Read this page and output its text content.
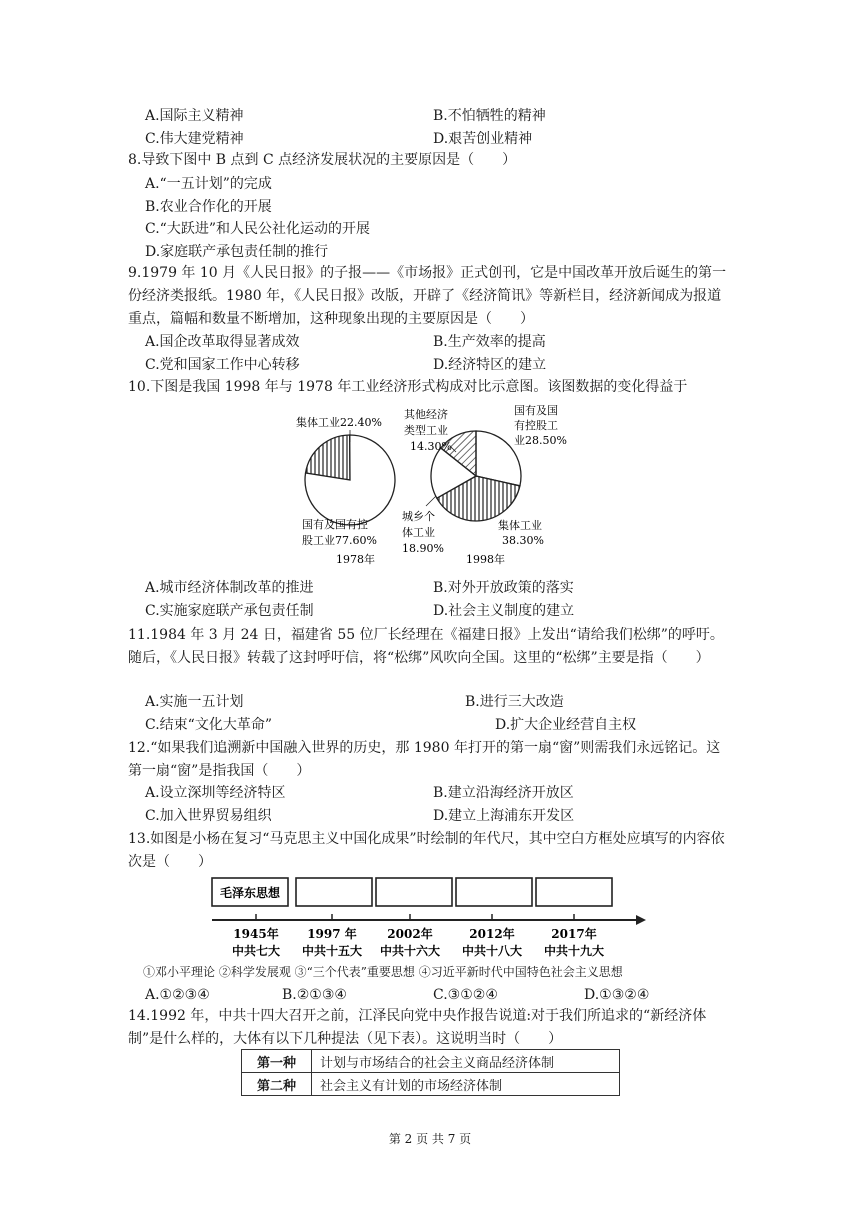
A.国际主义精神	B.不怕牺牲的精神
C.伟大建党精神	D.艰苦创业精神
8.导致下图中 B 点到 C 点经济发展状况的主要原因是（　　）
A.“一五计划”的完成
B.农业合作化的开展
C.“大跃进”和人民公社化运动的开展
D.家庭联产承包责任制的推行
9.1979 年 10 月《人民日报》的子报——《市场报》正式创刊，它是中国改革开放后诞生的第一份经济类报纸。1980 年，《人民日报》改版，开辟了《经济简讯》等新栏目，经济新闻成为报道重点，篇幅和数量不断增加，这种现象出现的主要原因是（　　）
A.国企改革取得显著成效	B.生产效率的提高
C.党和国家工作中心转移	D.经济特区的建立
10.下图是我国 1998 年与 1978 年工业经济形式构成对比示意图。该图数据的变化得益于
集体工业22.40%
国有及国有控
股工业77.60%
1978年
其他经济
类型工业
14.30%
国有及国
有控股工
业28.50%
城乡个
体工业
18.90%
集体工业
38.30%
1998年
A.城市经济体制改革的推进	B.对外开放政策的落实
C.实施家庭联产承包责任制	D.社会主义制度的建立
11.1984 年 3 月 24 日，福建省 55 位厂长经理在《福建日报》上发出“请给我们松绑”的呼吁。随后，《人民日报》转载了这封呼吁信，将“松绑”风吹向全国。这里的“松绑”主要是指（　　）
A.实施一五计划	B.进行三大改造
C.结束“文化大革命”	D.扩大企业经营自主权
12.“如果我们追溯新中国融入世界的历史，那 1980 年打开的第一扇“窗”则需我们永远铭记。这第一扇“窗”是指我国（　　）
A.设立深圳等经济特区	B.建立沿海经济开放区
C.加入世界贸易组织	D.建立上海浦东开发区
13.如图是小杨在复习“马克思主义中国化成果”时绘制的年代尺，其中空白方框处应填写的内容依次是（　　）
毛泽东思想
1945年
中共七大
1997 年
中共十五大
2002年
中共十六大
2012年
中共十八大
2017年
中共十九大
①邓小平理论 ②科学发展观 ③“三个代表”重要思想 ④习近平新时代中国特色社会主义思想
A.①②③④	B.②①③④	C.③①②④	D.①③②④
14.1992 年，中共十四大召开之前，江泽民向党中央作报告说道:对于我们所追求的“新经济体制”是什么样的，大体有以下几种提法（见下表）。这说明当时（　　）
第一种	计划与市场结合的社会主义商品经济体制
第二种	社会主义有计划的市场经济体制
第 2 页 共 7 页
